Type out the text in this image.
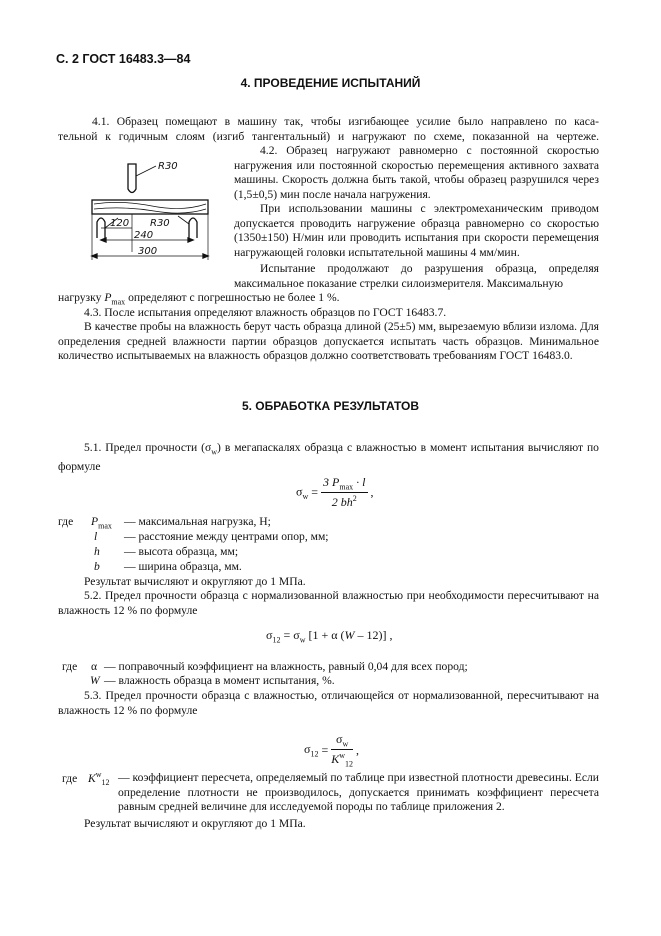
С. 2 ГОСТ 16483.3—84
4. ПРОВЕДЕНИЕ ИСПЫТАНИЙ

4.1. Образец помещают в машину так, чтобы изгибающее усилие было направлено по каса-

тельной к годичным слоям (изгиб тангентальный) и нагружают по схеме, показанной на чертеже.

R30
R30
120
240
300

4.2. Образец нагружают равномерно с постоянной скоростью нагружения или постоянной скоростью перемещения активного захвата машины. Скорость должна быть такой, чтобы образец разрушился через (1,5±0,5) мин после начала нагружения.

При использовании машины с электромеханическим приводом допускается проводить нагружение образца равномерно со скоростью (1350±150) Н/мин или проводить испытания при скорости перемещения нагружающей головки испытательной машины 4 мм/мин.

Испытание продолжают до разрушения образца, определяя максимальное показание стрелки силоизмерителя. Максимальную

нагрузку $P_{max}$ определяют с погрешностью не более 1 %.

4.3. После испытания определяют влажность образцов по ГОСТ 16483.7.

В качестве пробы на влажность берут часть образца длиной (25±5) мм, вырезаемую вблизи излома. Для определения средней влажности партии образцов допускается испытать часть образцов. Минимальное количество испытываемых на влажность образцов должно соответствовать требованиям ГОСТ 16483.0.

5. ОБРАБОТКА РЕЗУЛЬТАТОВ

5.1. Предел прочности $(\sigma_w)$ в мегапаскалях образца с влажностью в момент испытания вычисляют по формуле

$\sigma_w = \frac{3 P_{max} \cdot l}{2 bh^2}$ ,
где $P_{max}$ — максимальная нагрузка, Н;
l — расстояние между центрами опор, мм;
h — высота образца, мм;
b — ширина образца, мм.

Результат вычисляют и округляют до 1 МПа.

5.2. Предел прочности образца с нормализованной влажностью при необходимости пересчитывают на влажность 12 % по формуле

$\sigma_{12} = \sigma_w$ [1 + α (W – 12)] ,
где α — поправочный коэффициент на влажность, равный 0,04 для всех пород;
W — влажность образца в момент испытания, %.

5.3. Предел прочности образца с влажностью, отличающейся от нормализованной, пересчитывают на влажность 12 % по формуле

$\sigma_{12} = \frac{\sigma_w}{K^w_{12}}$ ,
где $K^w_{12}$ — коэффициент пересчета, определяемый по таблице при известной плотности древесины. Если определение плотности не производилось, допускается принимать коэффициент пересчета равным средней величине для исследуемой породы по таблице приложения 2.

Результат вычисляют и округляют до 1 МПа.
